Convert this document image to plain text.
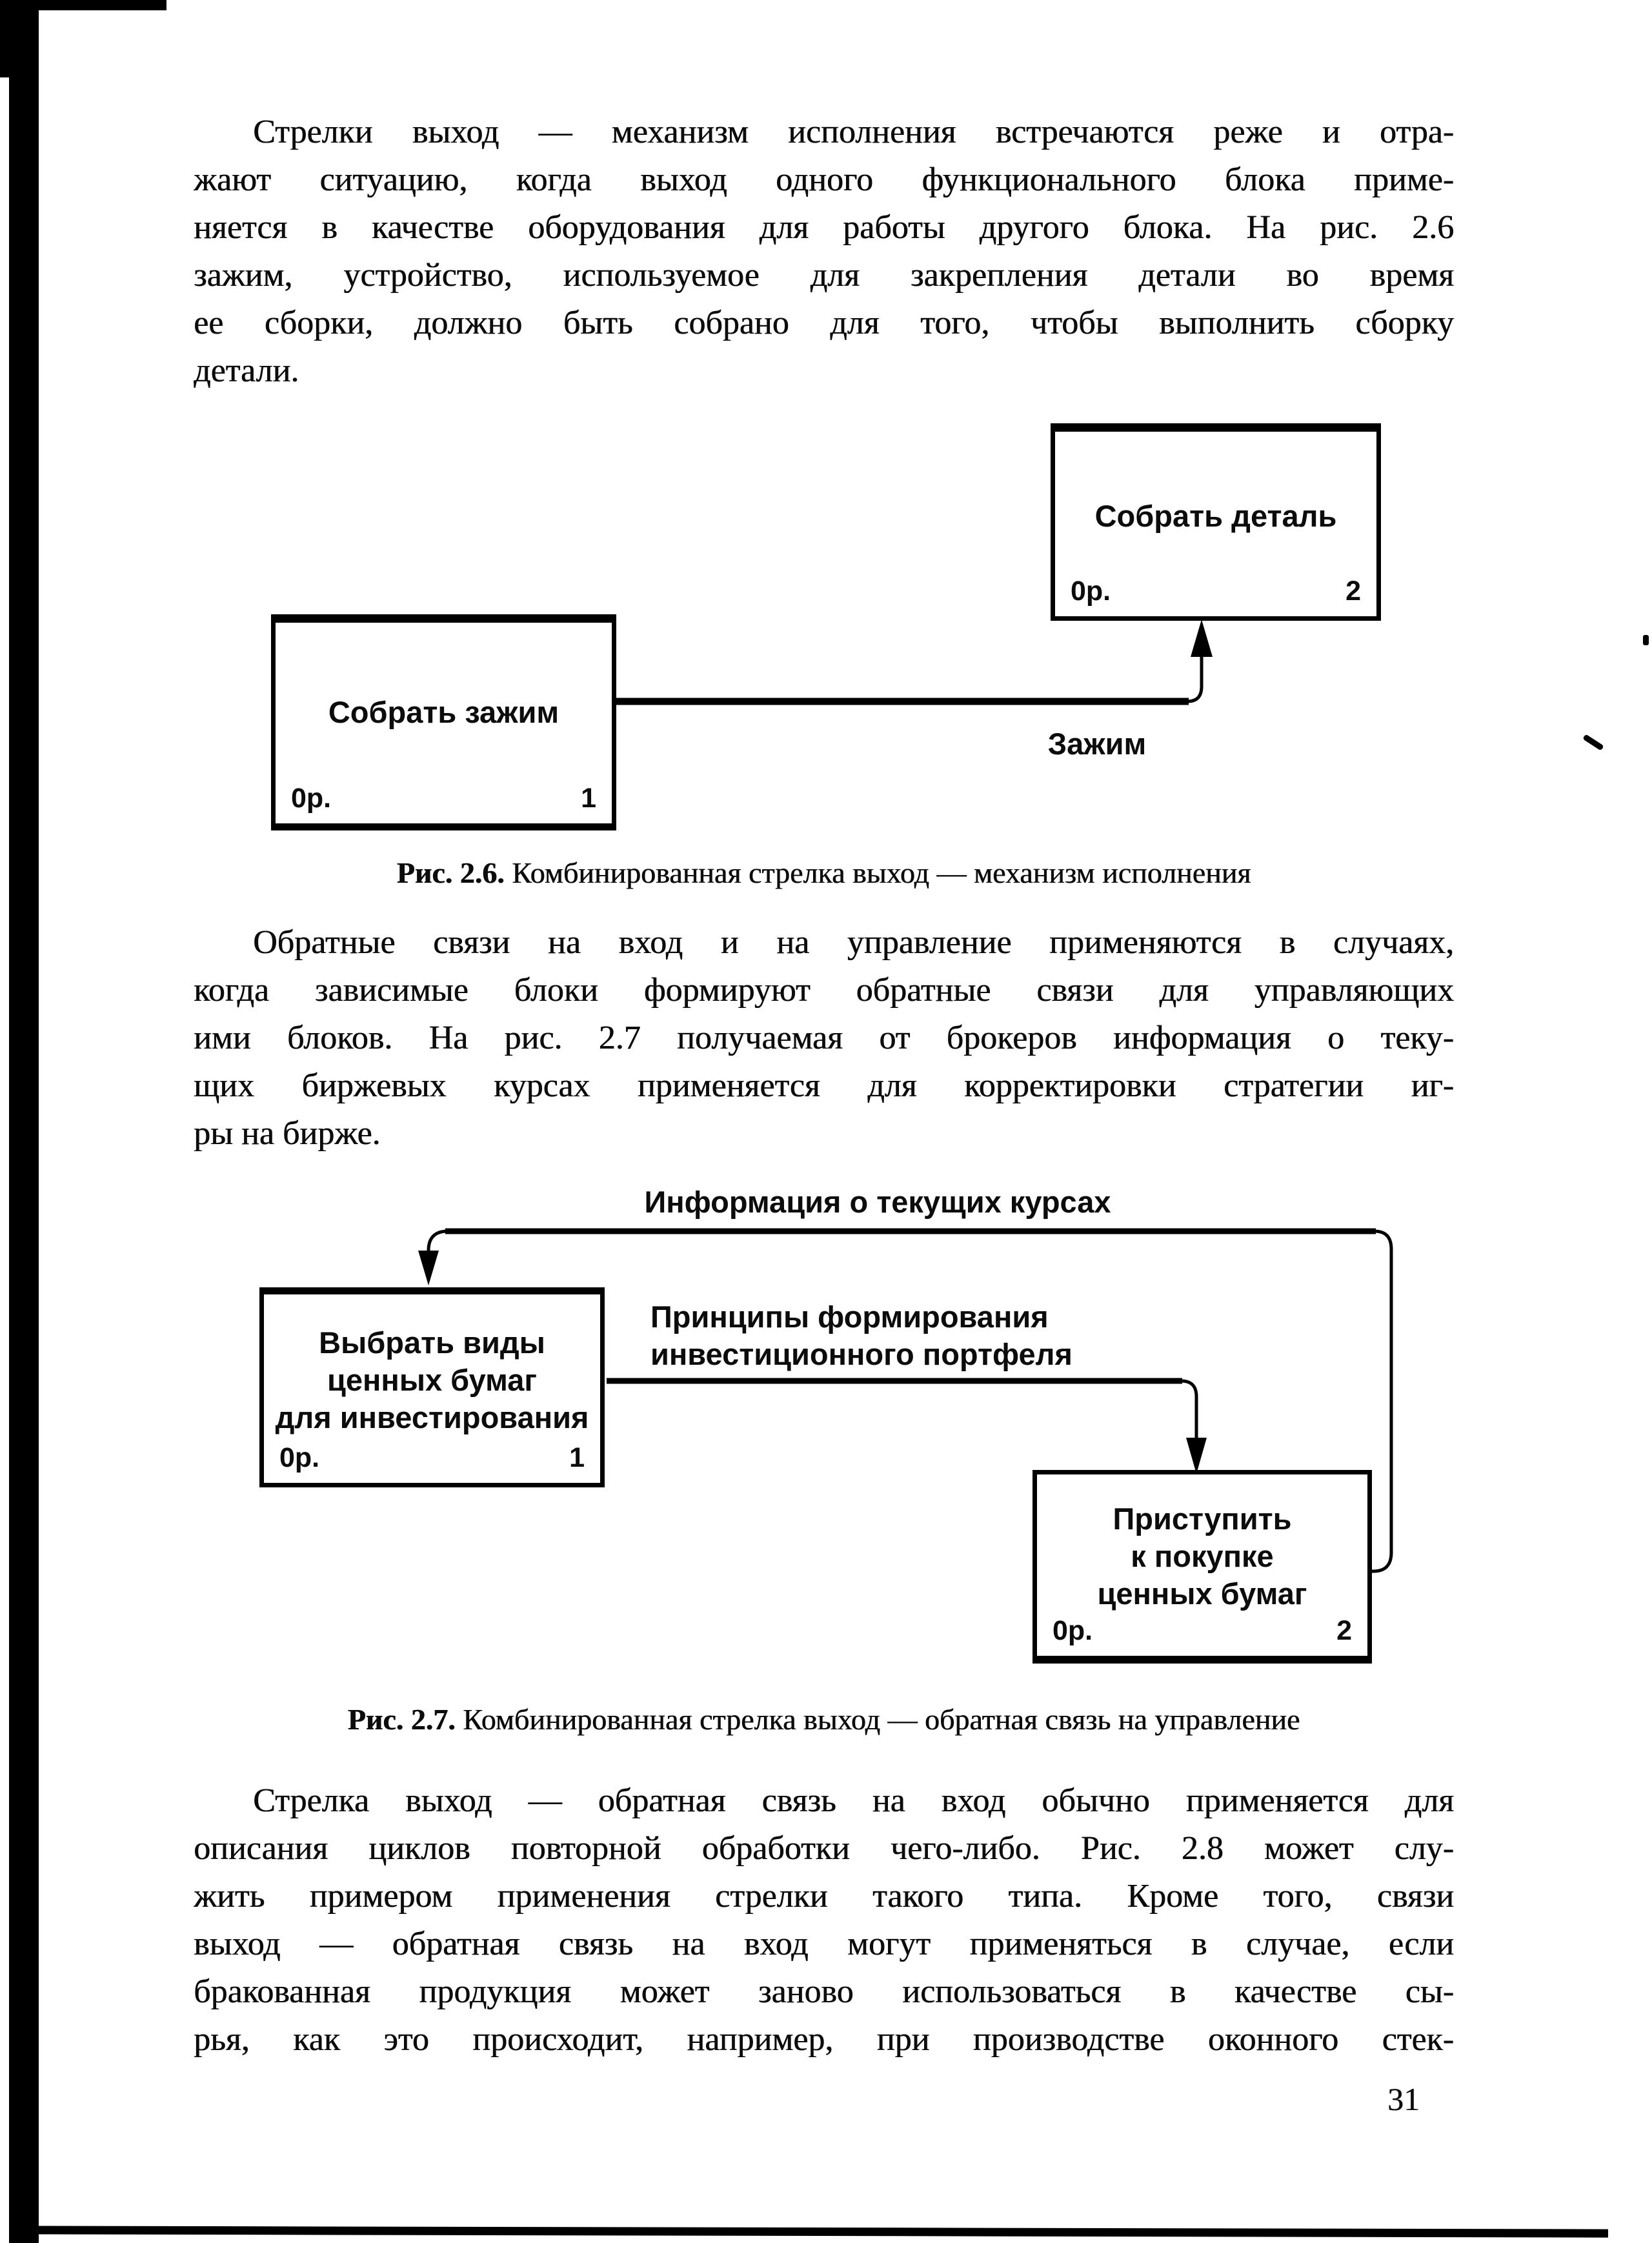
Стрелки выход — механизм исполнения встречаются реже и отра-
жают ситуацию, когда выход одного функционального блока приме-
няется в качестве оборудования для работы другого блока. На рис. 2.6
зажим, устройство, используемое для закрепления детали во время
ее сборки, должно быть собрано для того, чтобы выполнить сборку
детали.
Собрать деталь
0р.	2
Собрать зажим
0р.	1
Зажим
Рис. 2.6. Комбинированная стрелка выход — механизм исполнения
Обратные связи на вход и на управление применяются в случаях,
когда зависимые блоки формируют обратные связи для управляющих
ими блоков. На рис. 2.7 получаемая от брокеров информация о теку-
щих биржевых курсах применяется для корректировки стратегии иг-
ры на бирже.
Информация о текущих курсах
Выбрать виды
ценных бумаг
для инвестирования
0р.	1
Принципы формирования
инвестиционного портфеля
Приступить
к покупке
ценных бумаг
0р.	2
Рис. 2.7. Комбинированная стрелка выход — обратная связь на управление
Стрелка выход — обратная связь на вход обычно применяется для
описания циклов повторной обработки чего-либо. Рис. 2.8 может слу-
жить примером применения стрелки такого типа. Кроме того, связи
выход — обратная связь на вход могут применяться в случае, если
бракованная продукция может заново использоваться в качестве сы-
рья, как это происходит, например, при производстве оконного стек-
31
